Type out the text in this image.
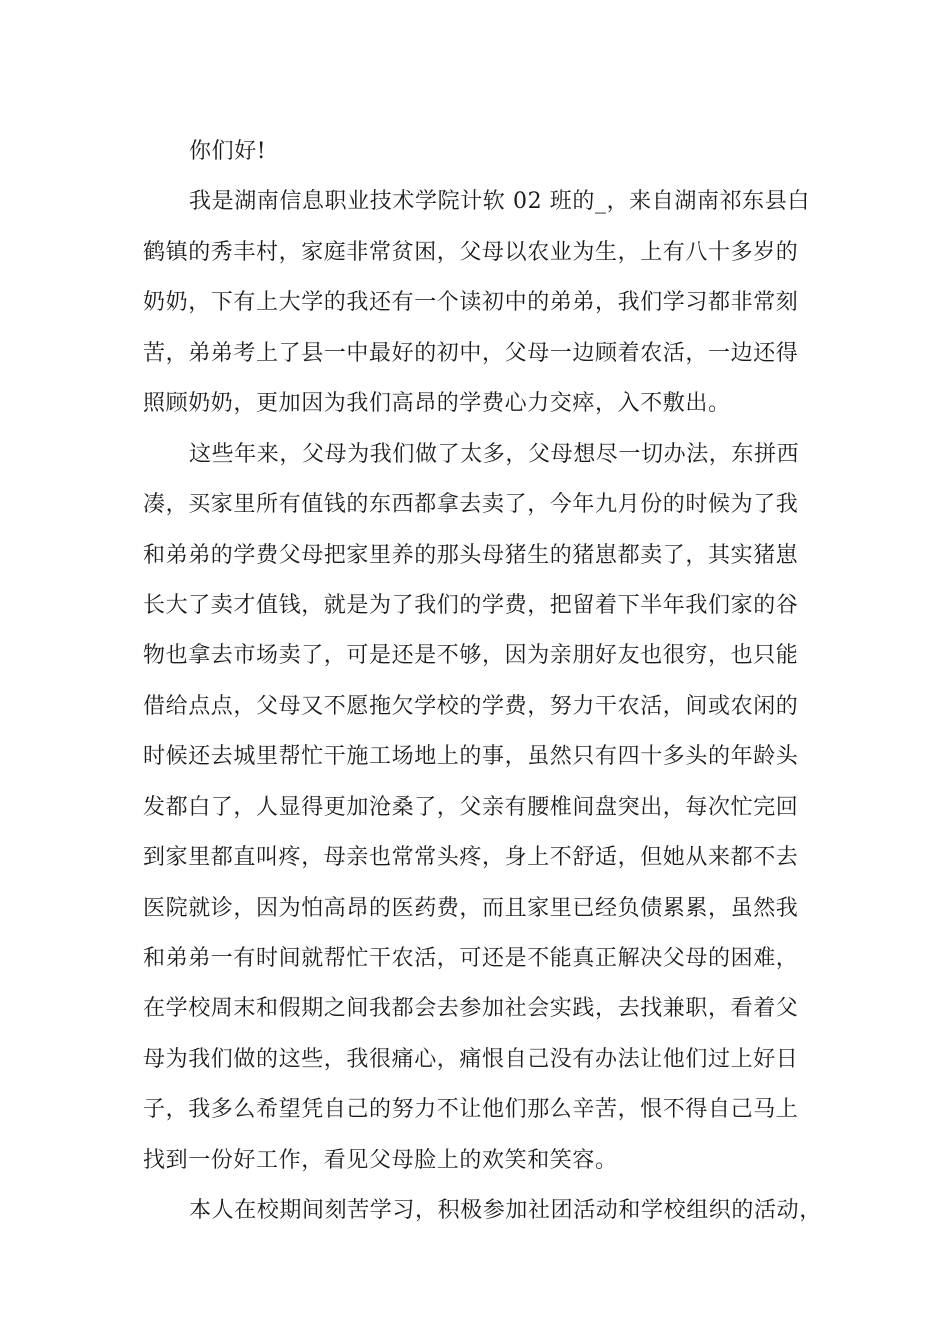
你们好!
我是湖南信息职业技术学院计软 02 班的_，来自湖南祁东县白
鹤镇的秀丰村，家庭非常贫困，父母以农业为生，上有八十多岁的
奶奶，下有上大学的我还有一个读初中的弟弟，我们学习都非常刻
苦，弟弟考上了县一中最好的初中，父母一边顾着农活，一边还得
照顾奶奶，更加因为我们高昂的学费心力交瘁，入不敷出。
这些年来，父母为我们做了太多，父母想尽一切办法，东拼西
凑，买家里所有值钱的东西都拿去卖了，今年九月份的时候为了我
和弟弟的学费父母把家里养的那头母猪生的猪崽都卖了，其实猪崽
长大了卖才值钱，就是为了我们的学费，把留着下半年我们家的谷
物也拿去市场卖了，可是还是不够，因为亲朋好友也很穷，也只能
借给点点，父母又不愿拖欠学校的学费，努力干农活，间或农闲的
时候还去城里帮忙干施工场地上的事，虽然只有四十多头的年龄头
发都白了，人显得更加沧桑了，父亲有腰椎间盘突出，每次忙完回
到家里都直叫疼，母亲也常常头疼，身上不舒适，但她从来都不去
医院就诊，因为怕高昂的医药费，而且家里已经负债累累，虽然我
和弟弟一有时间就帮忙干农活，可还是不能真正解决父母的困难，
在学校周末和假期之间我都会去参加社会实践，去找兼职，看着父
母为我们做的这些，我很痛心，痛恨自己没有办法让他们过上好日
子，我多么希望凭自己的努力不让他们那么辛苦，恨不得自己马上
找到一份好工作，看见父母脸上的欢笑和笑容。
本人在校期间刻苦学习，积极参加社团活动和学校组织的活动，
